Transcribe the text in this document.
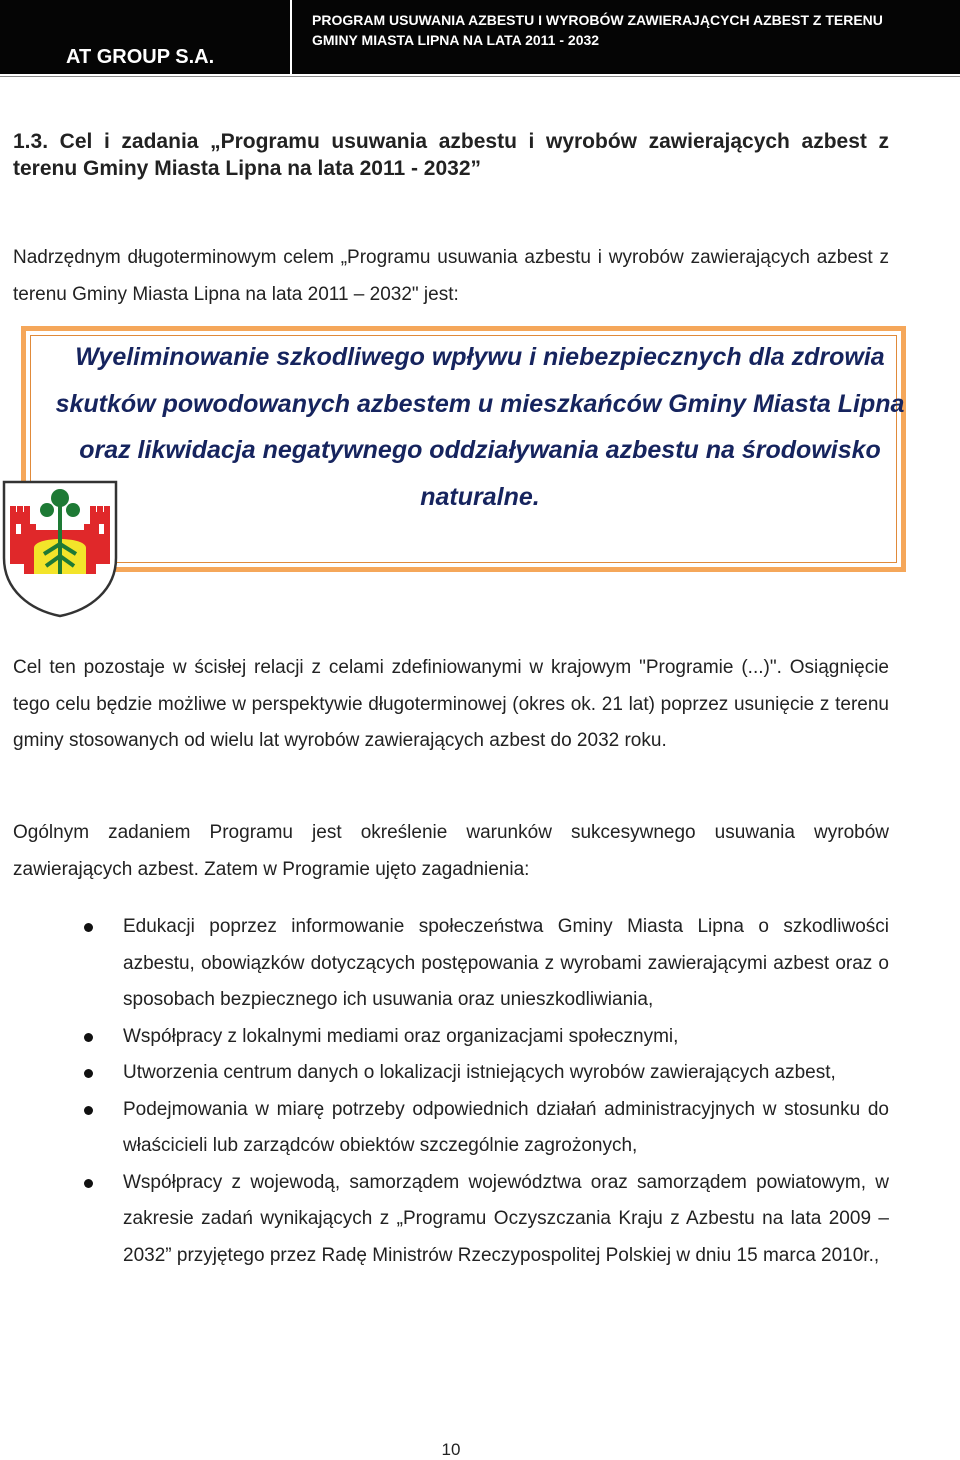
AT GROUP S.A.
PROGRAM USUWANIA AZBESTU I WYROBÓW ZAWIERAJĄCYCH AZBEST Z TERENU
GMINY MIASTA LIPNA NA LATA 2011 - 2032
1.3. Cel i zadania „Programu usuwania azbestu i wyrobów zawierających azbest z terenu Gminy Miasta Lipna na lata 2011 - 2032”
Nadrzędnym długoterminowym celem „Programu usuwania azbestu i wyrobów zawierających azbest z terenu Gminy Miasta Lipna na lata 2011 – 2032" jest:
Wyeliminowanie szkodliwego wpływu i niebezpiecznych dla zdrowia skutków powodowanych azbestem u mieszkańców Gminy Miasta Lipna oraz likwidacja negatywnego oddziaływania azbestu na środowisko naturalne.
Cel ten pozostaje w ścisłej relacji z celami zdefiniowanymi w krajowym "Programie (...)". Osiągnięcie tego celu będzie możliwe w perspektywie długoterminowej (okres ok. 21 lat) poprzez usunięcie z terenu gminy stosowanych od wielu lat wyrobów zawierających azbest do 2032 roku.
Ogólnym zadaniem Programu jest określenie warunków sukcesywnego usuwania wyrobów zawierających azbest. Zatem w Programie ujęto zagadnienia:
Edukacji poprzez informowanie społeczeństwa Gminy Miasta Lipna o szkodliwości azbestu, obowiązków dotyczących postępowania z wyrobami zawierającymi azbest oraz o sposobach bezpiecznego ich usuwania oraz unieszkodliwiania,
Współpracy z lokalnymi mediami oraz organizacjami społecznymi,
Utworzenia centrum danych o lokalizacji istniejących wyrobów zawierających azbest,
Podejmowania w miarę potrzeby odpowiednich działań administracyjnych w stosunku do właścicieli lub zarządców obiektów szczególnie zagrożonych,
Współpracy z wojewodą, samorządem województwa oraz samorządem powiatowym, w zakresie zadań wynikających z „Programu Oczyszczania Kraju z Azbestu na lata 2009 – 2032” przyjętego przez Radę Ministrów Rzeczypospolitej Polskiej w dniu 15 marca 2010r.,
10
